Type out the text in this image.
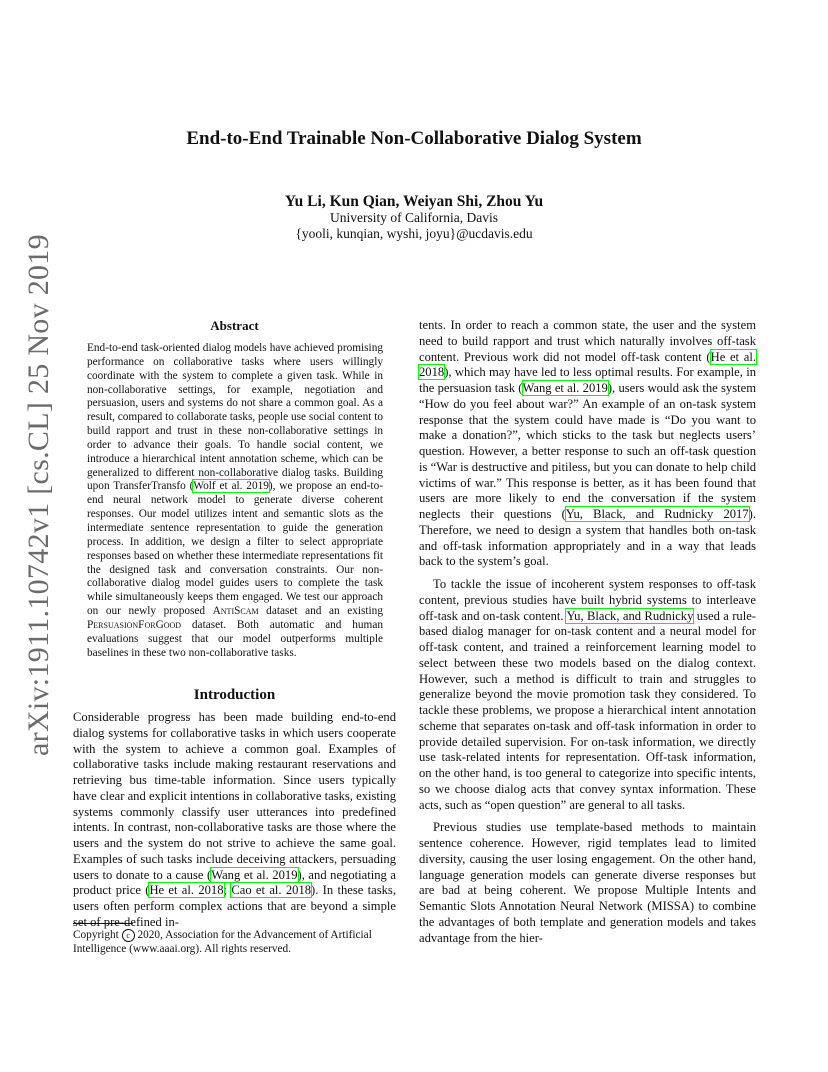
arXiv:1911.10742v1 [cs.CL] 25 Nov 2019
End-to-End Trainable Non-Collaborative Dialog System
Yu Li, Kun Qian, Weiyan Shi, Zhou Yu
University of California, Davis
{yooli, kunqian, wyshi, joyu}@ucdavis.edu
Abstract
End-to-end task-oriented dialog models have achieved promising performance on collaborative tasks where users willingly coordinate with the system to complete a given task. While in non-collaborative settings, for example, negotiation and persuasion, users and systems do not share a common goal. As a result, compared to collaborate tasks, people use social content to build rapport and trust in these non-collaborative settings in order to advance their goals. To handle social content, we introduce a hierarchical intent annotation scheme, which can be generalized to different non-collaborative dialog tasks. Building upon TransferTransfo (Wolf et al. 2019), we propose an end-to-end neural network model to generate diverse coherent responses. Our model utilizes intent and semantic slots as the intermediate sentence representation to guide the generation process. In addition, we design a filter to select appropriate responses based on whether these intermediate representations fit the designed task and conversation constraints. Our non-collaborative dialog model guides users to complete the task while simultaneously keeps them engaged. We test our approach on our newly proposed AntiScam dataset and an existing PersuasionForGood dataset. Both automatic and human evaluations suggest that our model outperforms multiple baselines in these two non-collaborative tasks.
Introduction
Considerable progress has been made building end-to-end dialog systems for collaborative tasks in which users cooperate with the system to achieve a common goal. Examples of collaborative tasks include making restaurant reservations and retrieving bus time-table information. Since users typically have clear and explicit intentions in collaborative tasks, existing systems commonly classify user utterances into predefined intents. In contrast, non-collaborative tasks are those where the users and the system do not strive to achieve the same goal. Examples of such tasks include deceiving attackers, persuading users to donate to a cause (Wang et al. 2019), and negotiating a product price (He et al. 2018; Cao et al. 2018). In these tasks, users often perform complex actions that are beyond a simple set of pre-defined in-
Copyright c 2020, Association for the Advancement of Artificial Intelligence (www.aaai.org). All rights reserved.

tents. In order to reach a common state, the user and the system need to build rapport and trust which naturally involves off-task content. Previous work did not model off-task content (He et al. 2018), which may have led to less optimal results. For example, in the persuasion task (Wang et al. 2019), users would ask the system “How do you feel about war?” An example of an on-task system response that the system could have made is “Do you want to make a donation?”, which sticks to the task but neglects users’ question. However, a better response to such an off-task question is “War is destructive and pitiless, but you can donate to help child victims of war.” This response is better, as it has been found that users are more likely to end the conversation if the system neglects their questions (Yu, Black, and Rudnicky 2017). Therefore, we need to design a system that handles both on-task and off-task information appropriately and in a way that leads back to the system’s goal.

To tackle the issue of incoherent system responses to off-task content, previous studies have built hybrid systems to interleave off-task and on-task content. Yu, Black, and Rudnicky used a rule-based dialog manager for on-task content and a neural model for off-task content, and trained a reinforcement learning model to select between these two models based on the dialog context. However, such a method is difficult to train and struggles to generalize beyond the movie promotion task they considered. To tackle these problems, we propose a hierarchical intent annotation scheme that separates on-task and off-task information in order to provide detailed supervision. For on-task information, we directly use task-related intents for representation. Off-task information, on the other hand, is too general to categorize into specific intents, so we choose dialog acts that convey syntax information. These acts, such as “open question” are general to all tasks.

Previous studies use template-based methods to maintain sentence coherence. However, rigid templates lead to limited diversity, causing the user losing engagement. On the other hand, language generation models can generate diverse responses but are bad at being coherent. We propose Multiple Intents and Semantic Slots Annotation Neural Network (MISSA) to combine the advantages of both template and generation models and takes advantage from the hier-
